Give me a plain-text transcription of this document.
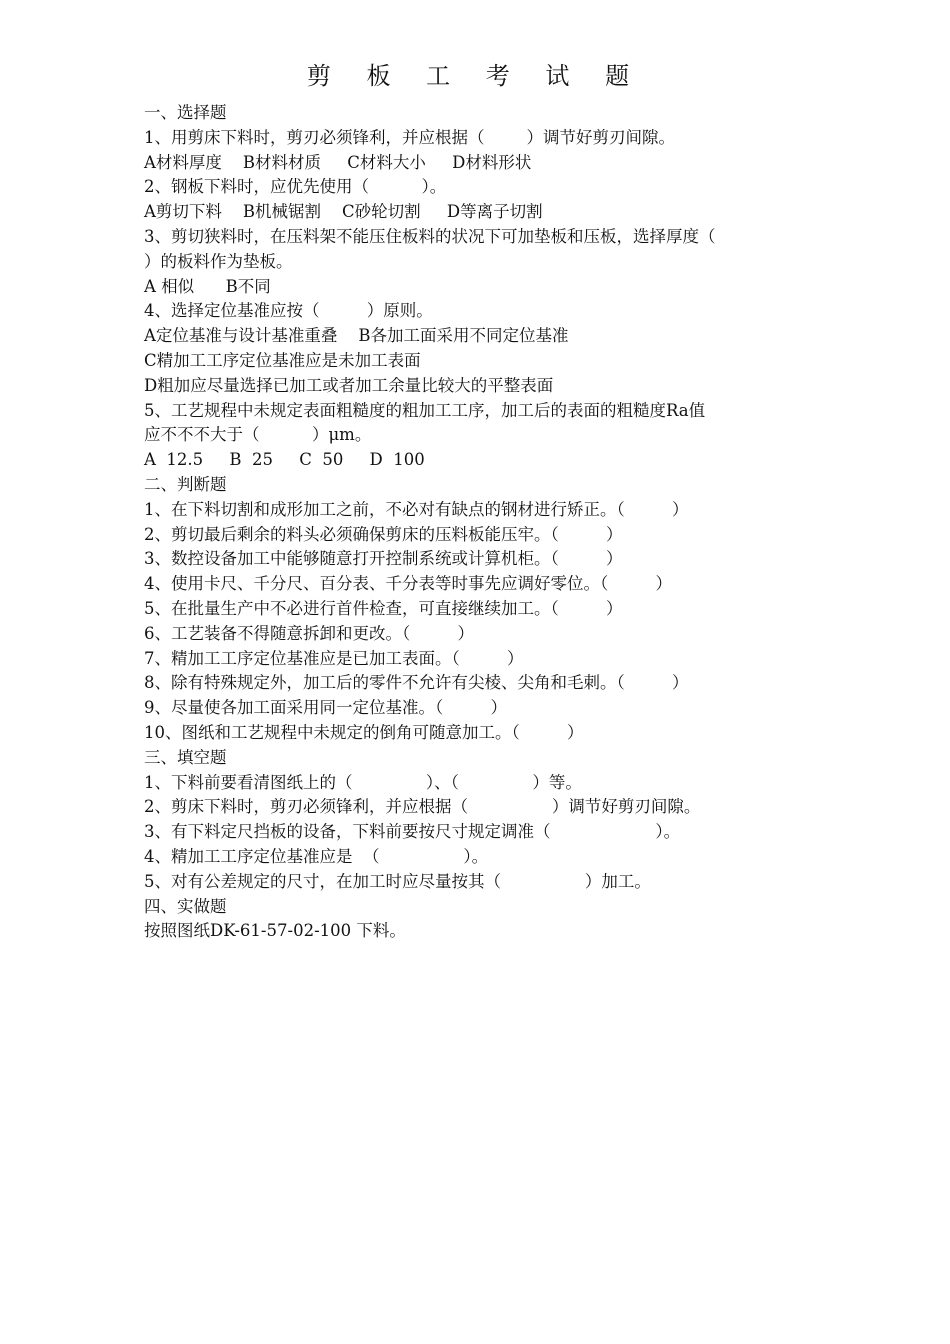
剪 板 工 考 试 题

一、选择题

1、用剪床下料时，剪刃必须锋利，并应根据（        ）调节好剪刃间隙。

A材料厚度    B材料材质     C材料大小     D材料形状

2、钢板下料时，应优先使用（          ）。

A剪切下料    B机械锯割    C砂轮切割     D等离子切割

3、剪切狭料时，在压料架不能压住板料的状况下可加垫板和压板，选择厚度（

）的板料作为垫板。

A 相似      B不同

4、选择定位基准应按（         ）原则。

A定位基准与设计基准重叠    B各加工面采用不同定位基准

C精加工工序定位基准应是未加工表面

D粗加应尽量选择已加工或者加工余量比较大的平整表面

5、工艺规程中未规定表面粗糙度的粗加工工序，加工后的表面的粗糙度Ra值

应不不不大于（          ）μm。

A  12.5     B  25     C  50     D  100

二、判断题

1、在下料切割和成形加工之前，不必对有缺点的钢材进行矫正。（         ）

2、剪切最后剩余的料头必须确保剪床的压料板能压牢。（         ）

3、数控设备加工中能够随意打开控制系统或计算机柜。（         ）

4、使用卡尺、千分尺、百分表、千分表等时事先应调好零位。（         ）

5、在批量生产中不必进行首件检查，可直接继续加工。（         ）

6、工艺装备不得随意拆卸和更改。（         ）

7、精加工工序定位基准应是已加工表面。（         ）

8、除有特殊规定外，加工后的零件不允许有尖棱、尖角和毛刺。（         ）

9、尽量使各加工面采用同一定位基准。（         ）

10、图纸和工艺规程中未规定的倒角可随意加工。（         ）

三、填空题

1、下料前要看清图纸上的（              ）、（              ）等。

2、剪床下料时，剪刃必须锋利，并应根据（                ）调节好剪刃间隙。

3、有下料定尺挡板的设备，下料前要按尺寸规定调准（                    ）。

4、精加工工序定位基准应是  （                ）。

5、对有公差规定的尺寸，在加工时应尽量按其（                ）加工。

四、实做题

按照图纸DK-61-57-02-100 下料。
